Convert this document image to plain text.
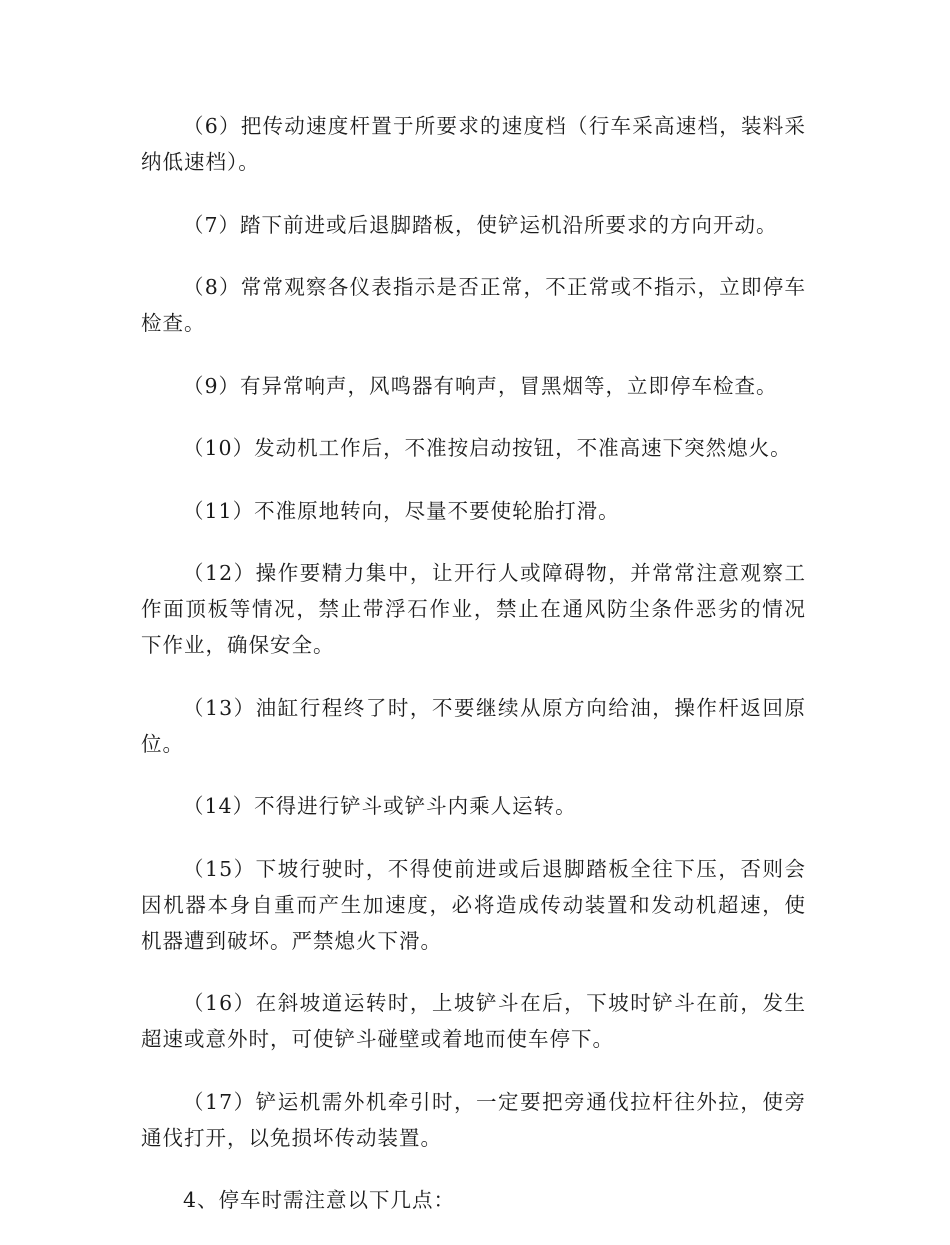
（6）把传动速度杆置于所要求的速度档（行车采高速档，装料采纳低速档）。

（7）踏下前进或后退脚踏板，使铲运机沿所要求的方向开动。

（8）常常观察各仪表指示是否正常，不正常或不指示，立即停车检查。

（9）有异常响声，风鸣器有响声，冒黑烟等，立即停车检查。

（10）发动机工作后，不准按启动按钮，不准高速下突然熄火。

（11）不准原地转向，尽量不要使轮胎打滑。

（12）操作要精力集中，让开行人或障碍物，并常常注意观察工作面顶板等情况，禁止带浮石作业，禁止在通风防尘条件恶劣的情况下作业，确保安全。

（13）油缸行程终了时，不要继续从原方向给油，操作杆返回原位。

（14）不得进行铲斗或铲斗内乘人运转。

（15）下坡行驶时，不得使前进或后退脚踏板全往下压，否则会因机器本身自重而产生加速度，必将造成传动装置和发动机超速，使机器遭到破坏。严禁熄火下滑。

（16）在斜坡道运转时，上坡铲斗在后，下坡时铲斗在前，发生超速或意外时，可使铲斗碰壁或着地而使车停下。

（17）铲运机需外机牵引时，一定要把旁通伐拉杆往外拉，使旁通伐打开，以免损坏传动装置。

4、停车时需注意以下几点：
